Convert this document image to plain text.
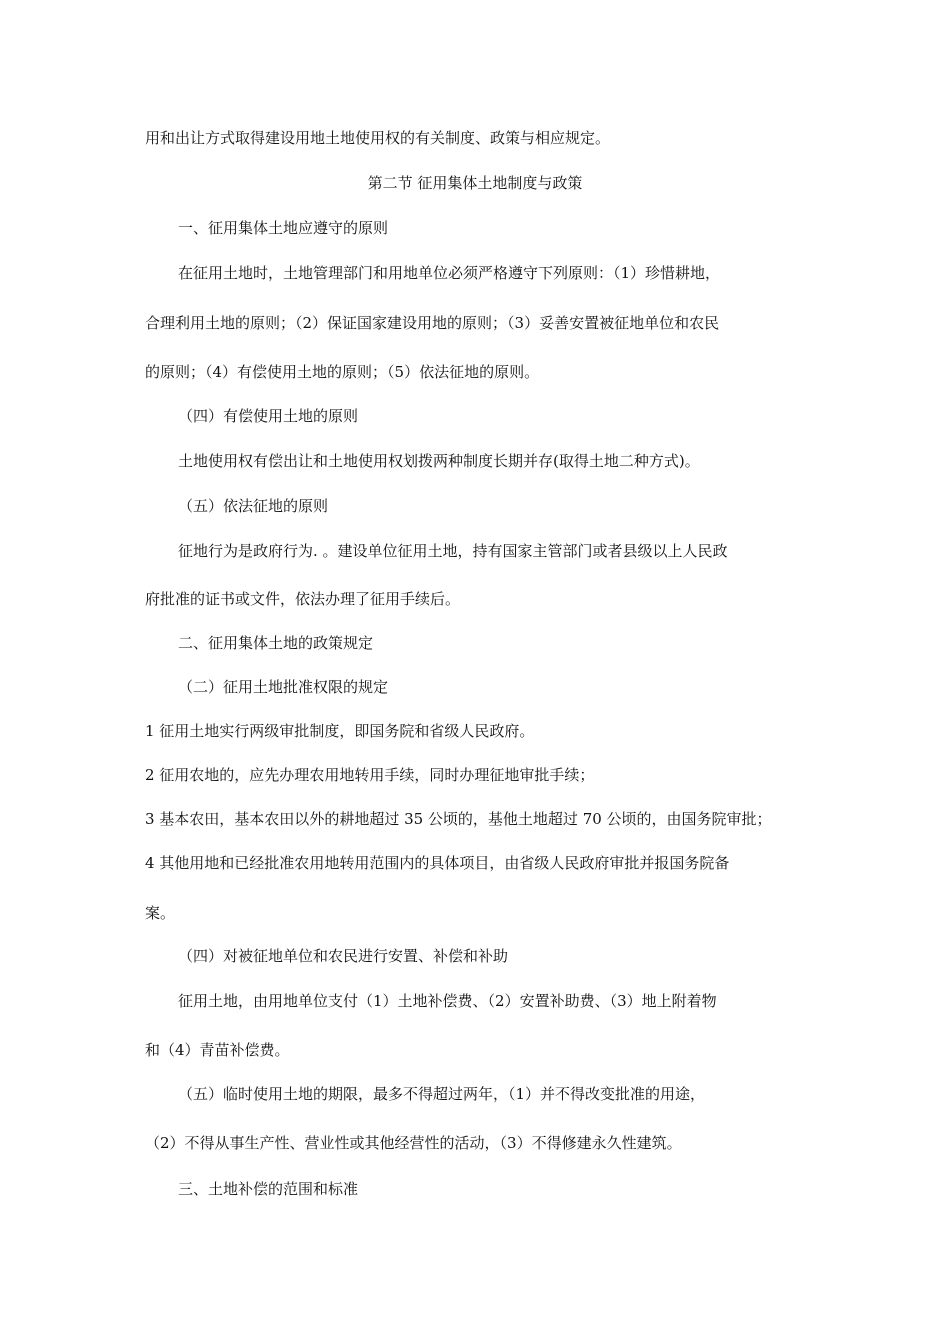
用和出让方式取得建设用地土地使用权的有关制度、政策与相应规定。
第二节 征用集体土地制度与政策
一、征用集体土地应遵守的原则
在征用土地时，土地管理部门和用地单位必须严格遵守下列原则：（1）珍惜耕地，
合理利用土地的原则；（2）保证国家建设用地的原则；（3）妥善安置被征地单位和农民
的原则；（4）有偿使用土地的原则；（5）依法征地的原则。
（四）有偿使用土地的原则
土地使用权有偿出让和土地使用权划拨两种制度长期并存(取得土地二种方式)。
（五）依法征地的原则
征地行为是政府行为. 。建设单位征用土地，持有国家主管部门或者县级以上人民政
府批准的证书或文件，依法办理了征用手续后。
二、征用集体土地的政策规定
（二）征用土地批准权限的规定
1 征用土地实行两级审批制度，即国务院和省级人民政府。
2 征用农地的，应先办理农用地转用手续，同时办理征地审批手续；
3 基本农田，基本农田以外的耕地超过 35 公顷的，基他土地超过 70 公顷的，由国务院审批；
4 其他用地和已经批准农用地转用范围内的具体项目，由省级人民政府审批并报国务院备
案。
（四）对被征地单位和农民进行安置、补偿和补助
征用土地，由用地单位支付（1）土地补偿费、（2）安置补助费、（3）地上附着物
和（4）青苗补偿费。
（五）临时使用土地的期限，最多不得超过两年，（1）并不得改变批准的用途，
（2）不得从事生产性、营业性或其他经营性的活动，（3）不得修建永久性建筑。
三、土地补偿的范围和标准
